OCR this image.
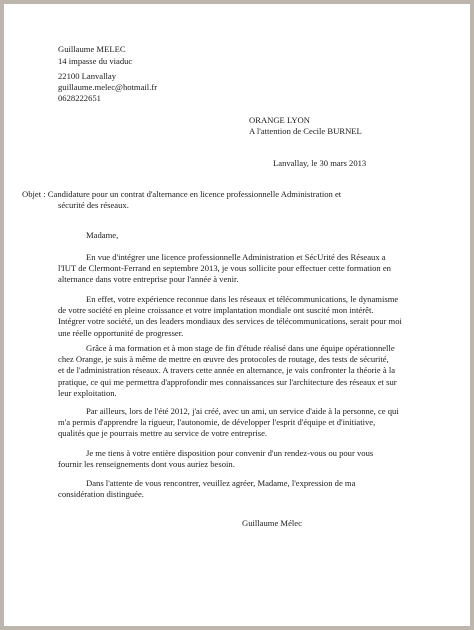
Guillaume MELEC
14 impasse du viaduc
22100 Lanvallay
guillaume.melec@hotmail.fr
0628222651
ORANGE LYON
A l'attention de Cecile BURNEL
Lanvallay, le 30 mars 2013
Objet : Candidature pour un contrat d'alternance en licence professionnelle Administration et
sécurité des réseaux.
Madame,
En vue d'intégrer une licence professionnelle Administration et SécUrité des Réseaux a
l'IUT de Clermont-Ferrand en septembre 2013, je vous sollicite pour effectuer cette formation en
alternance dans votre entreprise pour l'année à venir.
En effet, votre expérience reconnue dans les réseaux et télécommunications, le dynamisme
de votre société en pleine croissance et votre implantation mondiale ont suscité mon intérêt.
Intégrer votre société, un des leaders mondiaux des services de télécommunications, serait pour moi
une réelle opportunité de progresser.
Grâce à ma formation et à mon stage de fin d'étude réalisé dans une équipe opérationnelle
chez Orange, je suis à même de mettre en œuvre des protocoles de routage, des tests de sécurité,
et de l'administration réseaux. A travers cette année en alternance, je vais confronter la théorie à la
pratique, ce qui me permettra d'approfondir mes connaissances sur l'architecture des réseaux et sur
leur exploitation.
Par ailleurs, lors de l'été 2012, j'ai créé, avec un ami, un service d'aide à la personne, ce qui
m'a permis d'apprendre la rigueur, l'autonomie, de développer l'esprit d'équipe et d'initiative,
qualités que je pourrais mettre au service de votre entreprise.
Je me tiens à votre entière disposition pour convenir d'un rendez-vous ou pour vous
fournir les renseignements dont vous auriez besoin.
Dans l'attente de vous rencontrer, veuillez agréer, Madame, l'expression de ma
considération distinguée.
Guillaume Mélec
